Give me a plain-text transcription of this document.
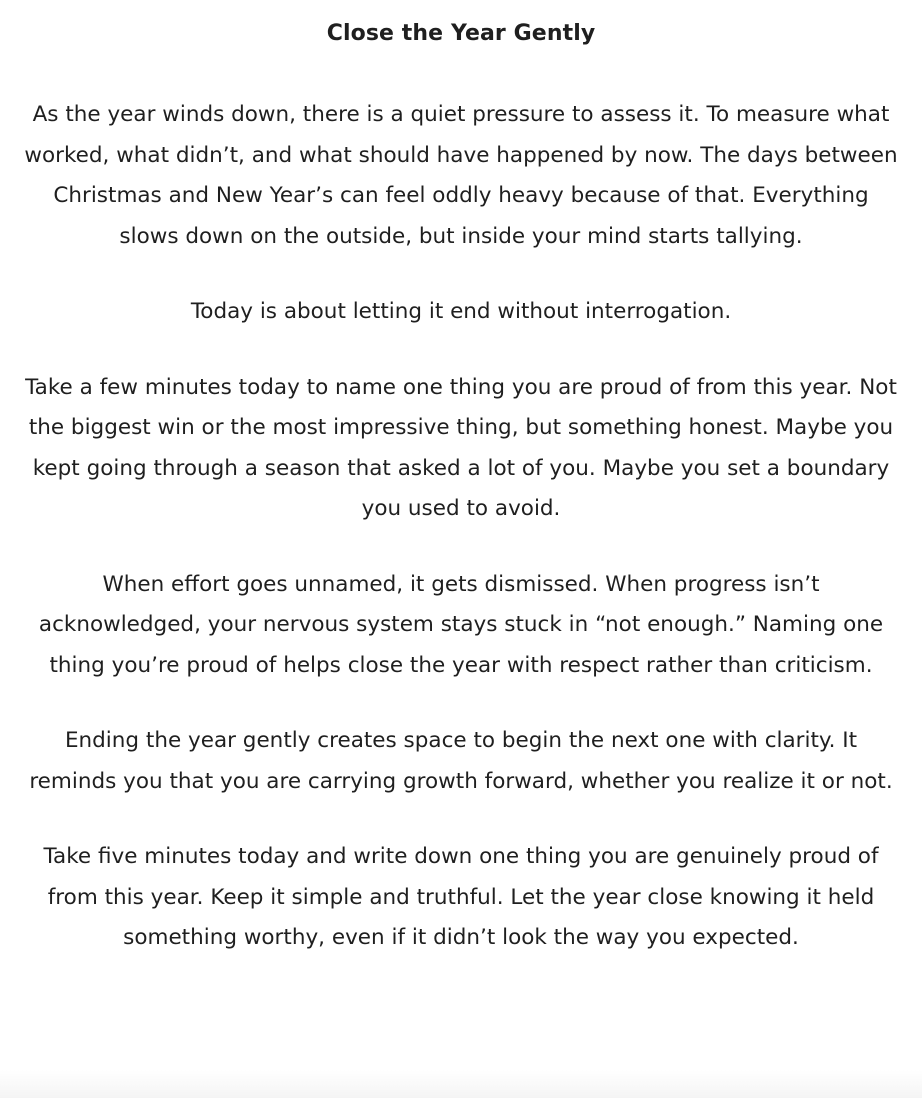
Close the Year Gently

As the year winds down, there is a quiet pressure to assess it. To measure what worked, what didn’t, and what should have happened by now. The days between Christmas and New Year’s can feel oddly heavy because of that. Everything slows down on the outside, but inside your mind starts tallying.

Today is about letting it end without interrogation.

Take a few minutes today to name one thing you are proud of from this year. Not the biggest win or the most impressive thing, but something honest. Maybe you kept going through a season that asked a lot of you. Maybe you set a boundary you used to avoid.

When effort goes unnamed, it gets dismissed. When progress isn’t acknowledged, your nervous system stays stuck in “not enough.” Naming one thing you’re proud of helps close the year with respect rather than criticism.

Ending the year gently creates space to begin the next one with clarity. It reminds you that you are carrying growth forward, whether you realize it or not.

Take five minutes today and write down one thing you are genuinely proud of from this year. Keep it simple and truthful. Let the year close knowing it held something worthy, even if it didn’t look the way you expected.
